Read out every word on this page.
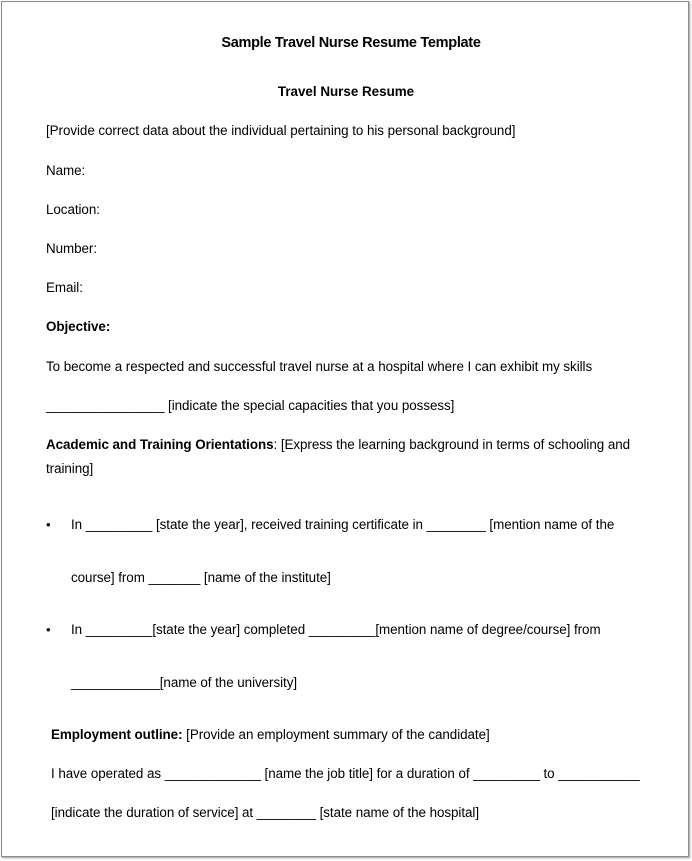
Sample Travel Nurse Resume Template
Travel Nurse Resume
[Provide correct data about the individual pertaining to his personal background]
Name:
Location:
Number:
Email:
Objective:
To become a respected and successful travel nurse at a hospital where I can exhibit my skills
________________ [indicate the special capacities that you possess]
Academic and Training Orientations: [Express the learning background in terms of schooling and
training]
• In _________ [state the year], received training certificate in ________ [mention name of the
course] from _______ [name of the institute]
• In _________[state the year] completed _________[mention name of degree/course] from
____________[name of the university]
Employment outline: [Provide an employment summary of the candidate]
I have operated as _____________ [name the job title] for a duration of _________ to ___________
[indicate the duration of service] at ________ [state name of the hospital]
